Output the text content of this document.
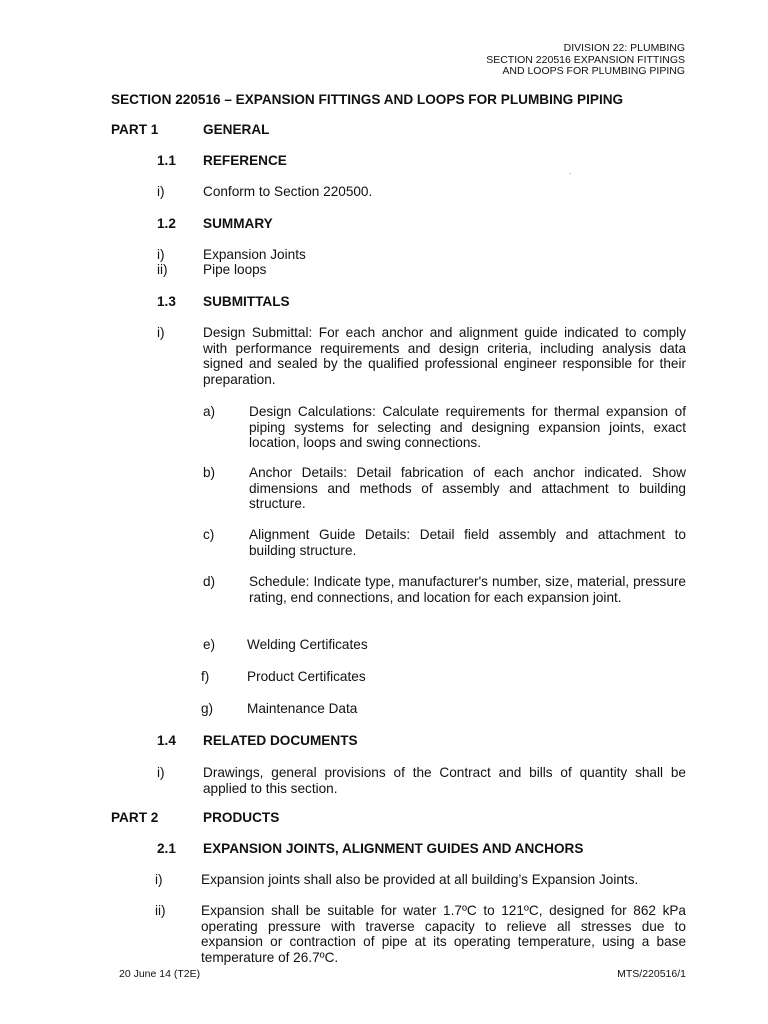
DIVISION 22: PLUMBING
SECTION 220516 EXPANSION FITTINGS
AND LOOPS FOR PLUMBING PIPING
SECTION 220516 – EXPANSION FITTINGS AND LOOPS FOR PLUMBING PIPING
PART 1	GENERAL
1.1 REFERENCE
.
i)	Conform to Section 220500.
1.2 SUMMARY
i)	Expansion Joints
ii)	Pipe loops
1.3 SUBMITTALS
i)	Design Submittal: For each anchor and alignment guide indicated to comply with performance requirements and design criteria, including analysis data signed and sealed by the qualified professional engineer responsible for their preparation.
a) Design Calculations: Calculate requirements for thermal expansion of piping systems for selecting and designing expansion joints, exact location, loops and swing connections.
b) Anchor Details: Detail fabrication of each anchor indicated. Show dimensions and methods of assembly and attachment to building structure.
c)	Alignment Guide Details: Detail field assembly and attachment to building structure.
d) Schedule: Indicate type, manufacturer's number, size, material, pressure rating, end connections, and location for each expansion joint.
e) Welding Certificates
f)	Product Certificates
g) Maintenance Data
1.4 RELATED DOCUMENTS
i)	Drawings, general provisions of the Contract and bills of quantity shall be applied to this section.
PART 2	PRODUCTS
2.1 EXPANSION JOINTS, ALIGNMENT GUIDES AND ANCHORS
i)	Expansion joints shall also be provided at all building’s Expansion Joints.
ii)	Expansion shall be suitable for water 1.7ºC to 121ºC, designed for 862 kPa operating pressure with traverse capacity to relieve all stresses due to expansion or contraction of pipe at its operating temperature, using a base temperature of 26.7ºC.
20 June 14 (T2E)	MTS/220516/1
